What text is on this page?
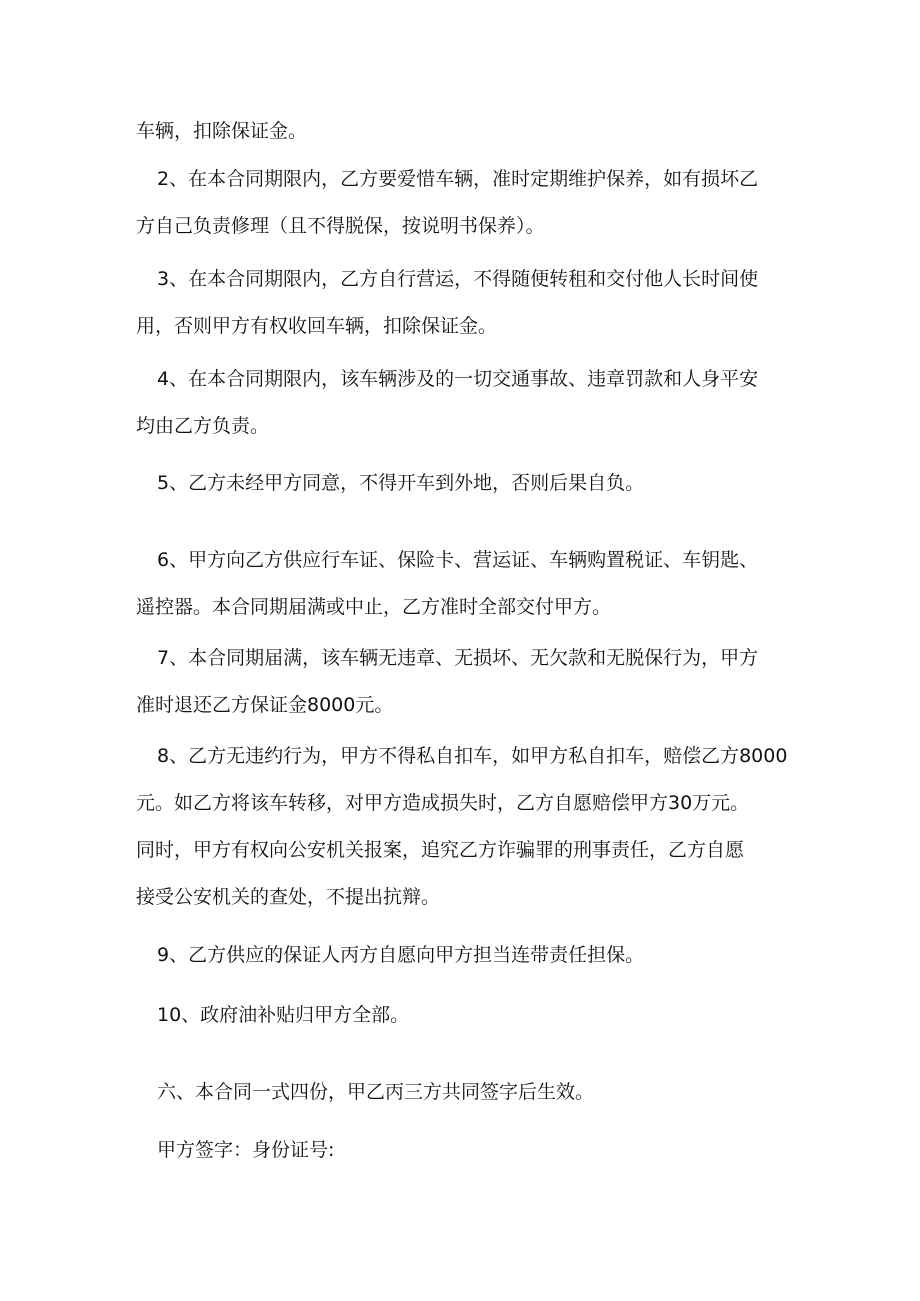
车辆，扣除保证金。

2、在本合同期限内，乙方要爱惜车辆，准时定期维护保养，如有损坏乙
方自己负责修理（且不得脱保，按说明书保养）。

3、在本合同期限内，乙方自行营运，不得随便转租和交付他人长时间使
用，否则甲方有权收回车辆，扣除保证金。

4、在本合同期限内，该车辆涉及的一切交通事故、违章罚款和人身平安
均由乙方负责。

5、乙方未经甲方同意，不得开车到外地，否则后果自负。

6、甲方向乙方供应行车证、保险卡、营运证、车辆购置税证、车钥匙、
遥控器。本合同期届满或中止，乙方准时全部交付甲方。

7、本合同期届满，该车辆无违章、无损坏、无欠款和无脱保行为，甲方
准时退还乙方保证金8000元。

8、乙方无违约行为，甲方不得私自扣车，如甲方私自扣车，赔偿乙方8000
元。如乙方将该车转移，对甲方造成损失时，乙方自愿赔偿甲方30万元。
同时，甲方有权向公安机关报案，追究乙方诈骗罪的刑事责任，乙方自愿
接受公安机关的查处，不提出抗辩。

9、乙方供应的保证人丙方自愿向甲方担当连带责任担保。

10、政府油补贴归甲方全部。

六、本合同一式四份，甲乙丙三方共同签字后生效。

甲方签字：身份证号:
